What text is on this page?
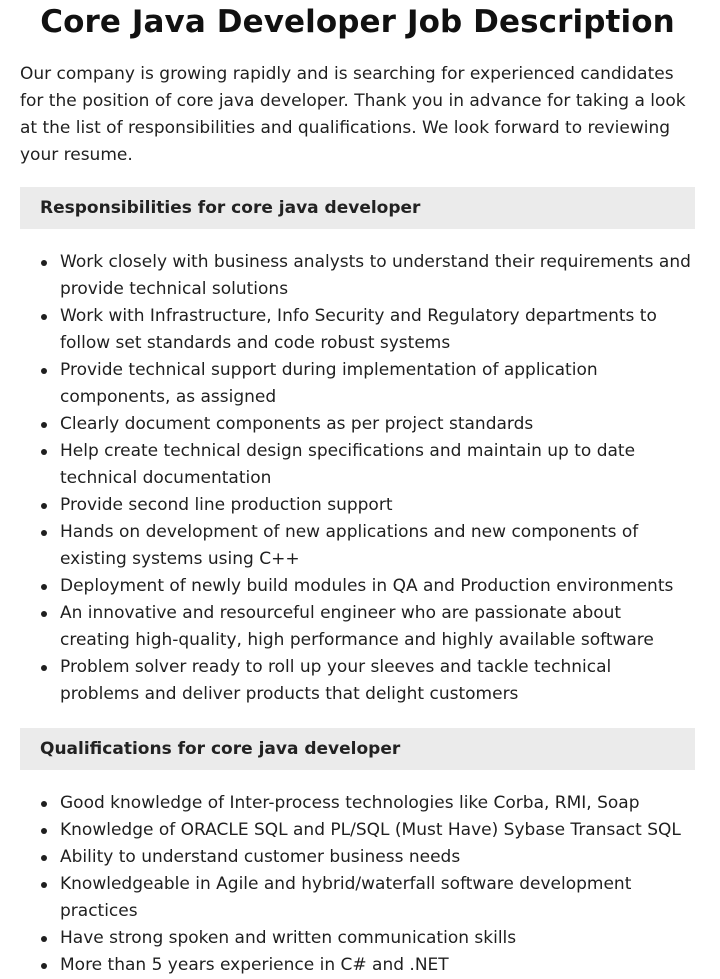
Core Java Developer Job Description

Our company is growing rapidly and is searching for experienced candidates for the position of core java developer. Thank you in advance for taking a look at the list of responsibilities and qualifications. We look forward to reviewing your resume.

Responsibilities for core java developer
Work closely with business analysts to understand their requirements and provide technical solutions
Work with Infrastructure, Info Security and Regulatory departments to follow set standards and code robust systems
Provide technical support during implementation of application components, as assigned
Clearly document components as per project standards
Help create technical design specifications and maintain up to date technical documentation
Provide second line production support
Hands on development of new applications and new components of existing systems using C++
Deployment of newly build modules in QA and Production environments
An innovative and resourceful engineer who are passionate about creating high-quality, high performance and highly available software
Problem solver ready to roll up your sleeves and tackle technical problems and deliver products that delight customers
Qualifications for core java developer
Good knowledge of Inter-process technologies like Corba, RMI, Soap
Knowledge of ORACLE SQL and PL/SQL (Must Have) Sybase Transact SQL
Ability to understand customer business needs
Knowledgeable in Agile and hybrid/waterfall software development practices
Have strong spoken and written communication skills
More than 5 years experience in C# and .NET
